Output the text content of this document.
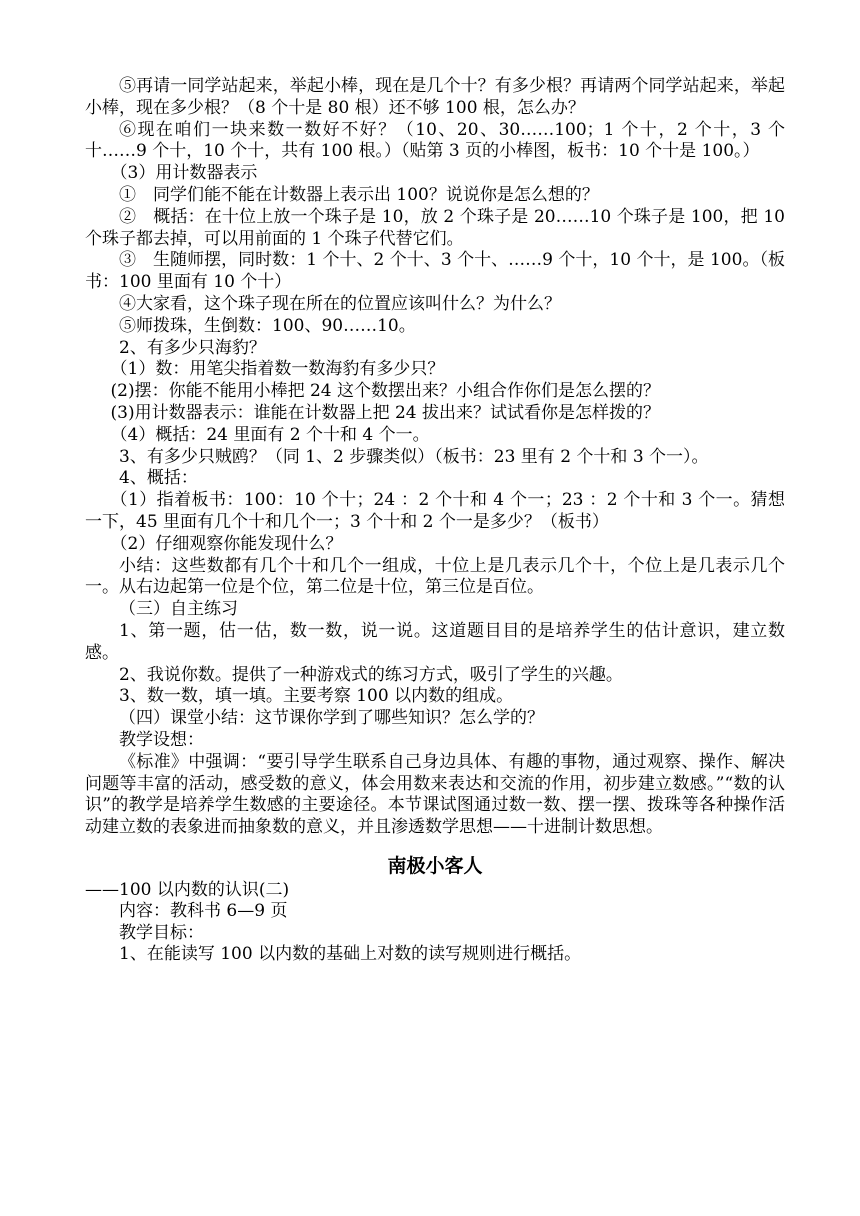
⑤再请一同学站起来，举起小棒，现在是几个十？有多少根？再请两个同学站起来，举起小棒，现在多少根？（8 个十是 80 根）还不够 100 根，怎么办？

⑥现在咱们一块来数一数好不好？（10、20、30……100；1 个十，2 个十，3 个十……9 个十，10 个十，共有 100 根。）（贴第 3 页的小棒图，板书：10 个十是 100。）

（3）用计数器表示

①　同学们能不能在计数器上表示出 100？说说你是怎么想的？

②　概括：在十位上放一个珠子是 10，放 2 个珠子是 20……10 个珠子是 100，把 10 个珠子都去掉，可以用前面的 1 个珠子代替它们。

③　生随师摆，同时数：1 个十、2 个十、3 个十、……9 个十，10 个十，是 100。（板书：100 里面有 10 个十）

④大家看，这个珠子现在所在的位置应该叫什么？为什么？

⑤师拨珠，生倒数：100、90……10。

2、有多少只海豹？

（1）数：用笔尖指着数一数海豹有多少只？

(2)摆：你能不能用小棒把 24 这个数摆出来？小组合作你们是怎么摆的？

(3)用计数器表示：谁能在计数器上把 24 拔出来？试试看你是怎样拨的？

（4）概括：24 里面有 2 个十和 4 个一。

3、有多少只贼鸥？（同 1、2 步骤类似）（板书：23 里有 2 个十和 3 个一）。

4、概括：

（1）指着板书：100：10 个十；24 ：2 个十和 4 个一；23 ：2 个十和 3 个一。猜想一下，45 里面有几个十和几个一；3 个十和 2 个一是多少？（板书）

（2）仔细观察你能发现什么？

小结：这些数都有几个十和几个一组成，十位上是几表示几个十，个位上是几表示几个一。从右边起第一位是个位，第二位是十位，第三位是百位。

（三）自主练习

1、第一题，估一估，数一数，说一说。这道题目目的是培养学生的估计意识，建立数感。

2、我说你数。提供了一种游戏式的练习方式，吸引了学生的兴趣。

3、数一数，填一填。主要考察 100 以内数的组成。

（四）课堂小结：这节课你学到了哪些知识？怎么学的？

教学设想：

《标准》中强调：“要引导学生联系自己身边具体、有趣的事物，通过观察、操作、解决问题等丰富的活动，感受数的意义，体会用数来表达和交流的作用，初步建立数感。”“数的认识”的教学是培养学生数感的主要途径。本节课试图通过数一数、摆一摆、拨珠等各种操作活动建立数的表象进而抽象数的意义，并且渗透数学思想——十进制计数思想。

南极小客人
——100 以内数的认识(二)

内容：教科书 6—9 页

教学目标：

1、在能读写 100 以内数的基础上对数的读写规则进行概括。
